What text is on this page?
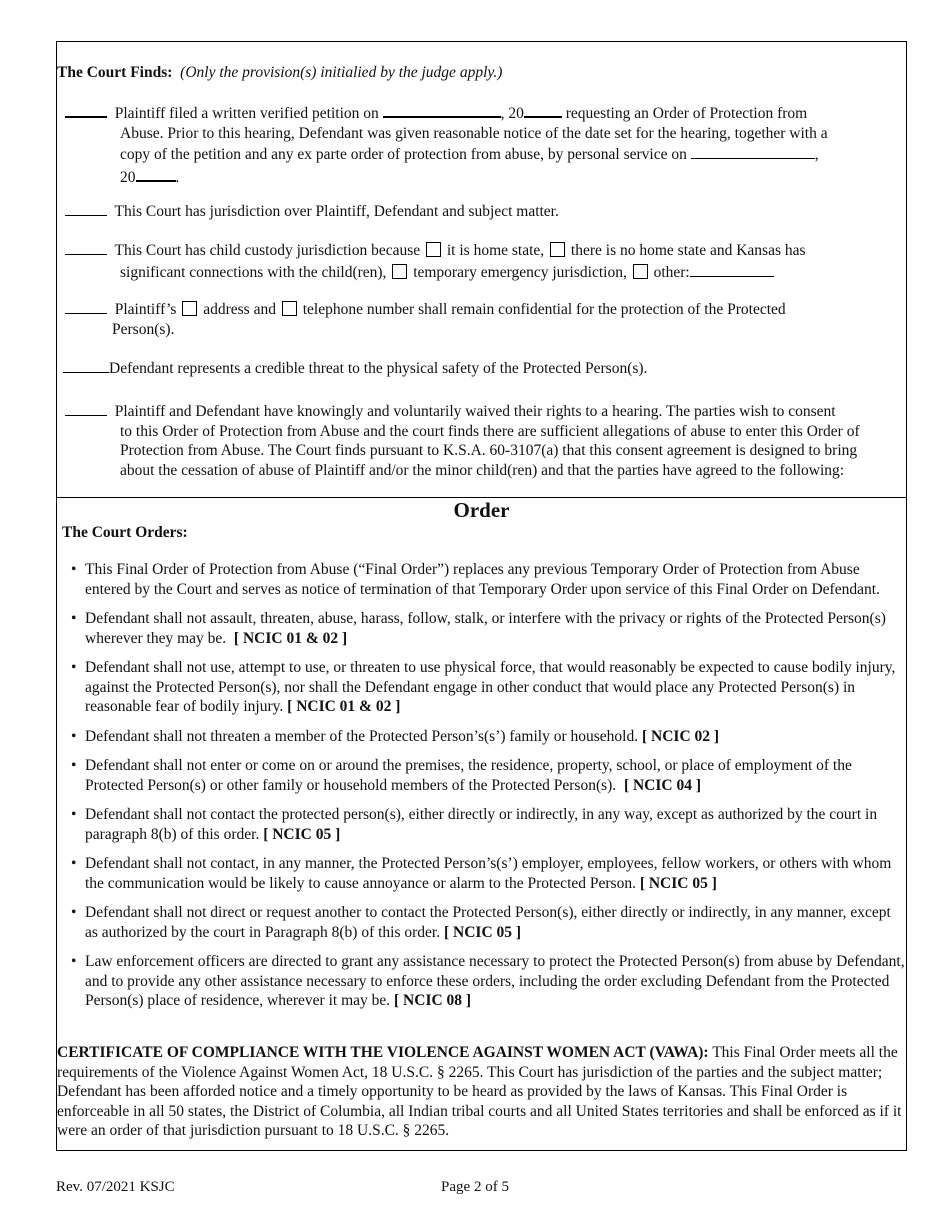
The Court Finds: (Only the provision(s) initialied by the judge apply.)
Plaintiff filed a written verified petition on	, 20	requesting an Order of Protection from
Abuse. Prior to this hearing, Defendant was given reasonable notice of the date set for the hearing, together with a
copy of the petition and any ex parte order of protection from abuse, by personal service on	,
20	.
This Court has jurisdiction over Plaintiff, Defendant and subject matter.
This Court has child custody jurisdiction because it is home state, there is no home state and Kansas has
significant connections with the child(ren), temporary emergency jurisdiction, other:
Plaintiff’s address and telephone number shall remain confidential for the protection of the Protected
Person(s).
Defendant represents a credible threat to the physical safety of the Protected Person(s).
Plaintiff and Defendant have knowingly and voluntarily waived their rights to a hearing. The parties wish to consent
to this Order of Protection from Abuse and the court finds there are sufficient allegations of abuse to enter this Order of Protection from Abuse. The Court finds pursuant to K.S.A. 60-3107(a) that this consent agreement is designed to bring about the cessation of abuse of Plaintiff and/or the minor child(ren) and that the parties have agreed to the following:
Order
The Court Orders:
• This Final Order of Protection from Abuse (“Final Order”) replaces any previous Temporary Order of Protection from Abuse entered by the Court and serves as notice of termination of that Temporary Order upon service of this Final Order on Defendant.
• Defendant shall not assault, threaten, abuse, harass, follow, stalk, or interfere with the privacy or rights of the Protected Person(s) wherever they may be. [ NCIC 01 & 02 ]
• Defendant shall not use, attempt to use, or threaten to use physical force, that would reasonably be expected to cause bodily injury, against the Protected Person(s), nor shall the Defendant engage in other conduct that would place any Protected Person(s) in reasonable fear of bodily injury. [ NCIC 01 & 02 ]
• Defendant shall not threaten a member of the Protected Person’s(s’) family or household. [ NCIC 02 ]
• Defendant shall not enter or come on or around the premises, the residence, property, school, or place of employment of the Protected Person(s) or other family or household members of the Protected Person(s). [ NCIC 04 ]
• Defendant shall not contact the protected person(s), either directly or indirectly, in any way, except as authorized by the court in paragraph 8(b) of this order. [ NCIC 05 ]
• Defendant shall not contact, in any manner, the Protected Person’s(s’) employer, employees, fellow workers, or others with whom the communication would be likely to cause annoyance or alarm to the Protected Person. [ NCIC 05 ]
• Defendant shall not direct or request another to contact the Protected Person(s), either directly or indirectly, in any manner, except as authorized by the court in Paragraph 8(b) of this order. [ NCIC 05 ]
• Law enforcement officers are directed to grant any assistance necessary to protect the Protected Person(s) from abuse by Defendant, and to provide any other assistance necessary to enforce these orders, including the order excluding Defendant from the Protected Person(s) place of residence, wherever it may be. [ NCIC 08 ]
CERTIFICATE OF COMPLIANCE WITH THE VIOLENCE AGAINST WOMEN ACT (VAWA): This Final Order meets all the requirements of the Violence Against Women Act, 18 U.S.C. § 2265. This Court has jurisdiction of the parties and the subject matter; Defendant has been afforded notice and a timely opportunity to be heard as provided by the laws of Kansas. This Final Order is enforceable in all 50 states, the District of Columbia, all Indian tribal courts and all United States territories and shall be enforced as if it were an order of that jurisdiction pursuant to 18 U.S.C. § 2265.
Rev. 07/2021 KSJC	Page 2 of 5
